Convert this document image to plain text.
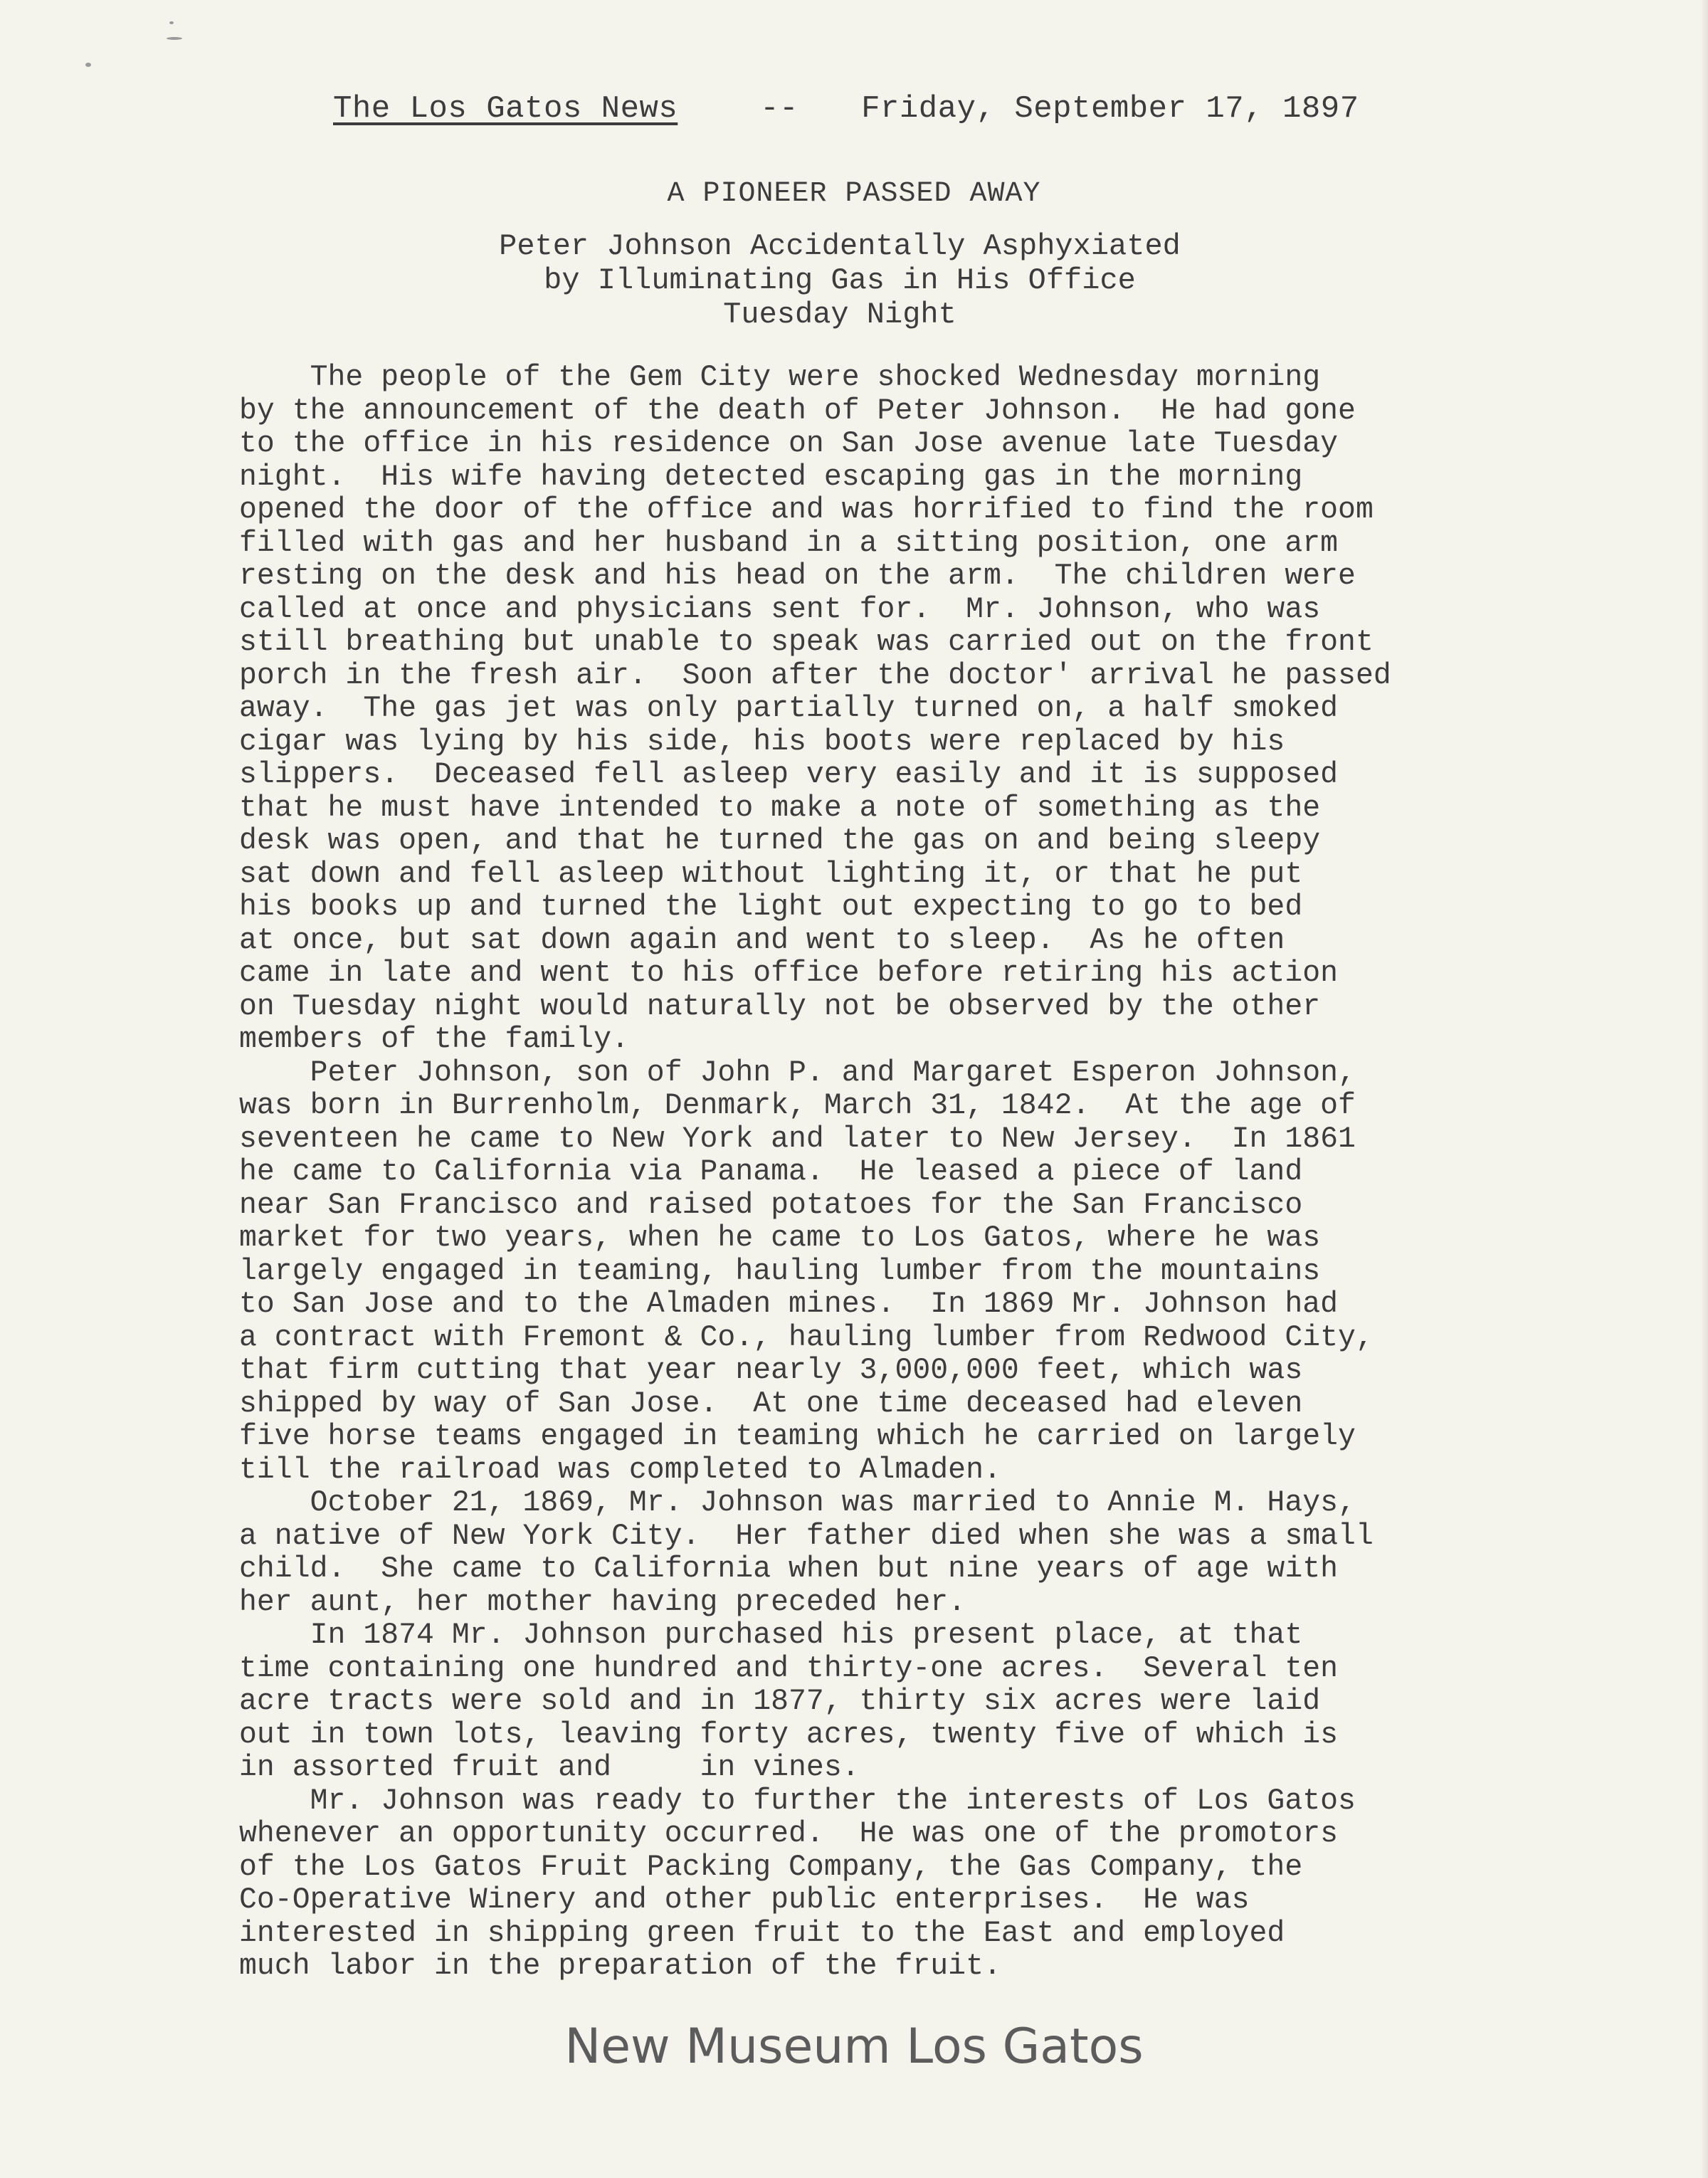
The Los Gatos News	-- Friday, September 17, 1897
A PIONEER PASSED AWAY
Peter Johnson Accidentally Asphyxiated
by Illuminating Gas in His Office
Tuesday Night
The people of the Gem City were shocked Wednesday morning
by the announcement of the death of Peter Johnson.  He had gone
to the office in his residence on San Jose avenue late Tuesday
night.  His wife having detected escaping gas in the morning
opened the door of the office and was horrified to find the room
filled with gas and her husband in a sitting position, one arm
resting on the desk and his head on the arm.  The children were
called at once and physicians sent for.  Mr. Johnson, who was
still breathing but unable to speak was carried out on the front
porch in the fresh air.  Soon after the doctor' arrival he passed
away.  The gas jet was only partially turned on, a half smoked
cigar was lying by his side, his boots were replaced by his
slippers.  Deceased fell asleep very easily and it is supposed
that he must have intended to make a note of something as the
desk was open, and that he turned the gas on and being sleepy
sat down and fell asleep without lighting it, or that he put
his books up and turned the light out expecting to go to bed
at once, but sat down again and went to sleep.  As he often
came in late and went to his office before retiring his action
on Tuesday night would naturally not be observed by the other
members of the family.
Peter Johnson, son of John P. and Margaret Esperon Johnson,
was born in Burrenholm, Denmark, March 31, 1842.  At the age of
seventeen he came to New York and later to New Jersey.  In 1861
he came to California via Panama.  He leased a piece of land
near San Francisco and raised potatoes for the San Francisco
market for two years, when he came to Los Gatos, where he was
largely engaged in teaming, hauling lumber from the mountains
to San Jose and to the Almaden mines.  In 1869 Mr. Johnson had
a contract with Fremont & Co., hauling lumber from Redwood City,
that firm cutting that year nearly 3,000,000 feet, which was
shipped by way of San Jose.  At one time deceased had eleven
five horse teams engaged in teaming which he carried on largely
till the railroad was completed to Almaden.
October 21, 1869, Mr. Johnson was married to Annie M. Hays,
a native of New York City.  Her father died when she was a small
child.  She came to California when but nine years of age with
her aunt, her mother having preceded her.
In 1874 Mr. Johnson purchased his present place, at that
time containing one hundred and thirty-one acres.  Several ten
acre tracts were sold and in 1877, thirty six acres were laid
out in town lots, leaving forty acres, twenty five of which is
in assorted fruit and     in vines.
Mr. Johnson was ready to further the interests of Los Gatos
whenever an opportunity occurred.  He was one of the promotors
of the Los Gatos Fruit Packing Company, the Gas Company, the
Co-Operative Winery and other public enterprises.  He was
interested in shipping green fruit to the East and employed
much labor in the preparation of the fruit.
New Museum Los Gatos
